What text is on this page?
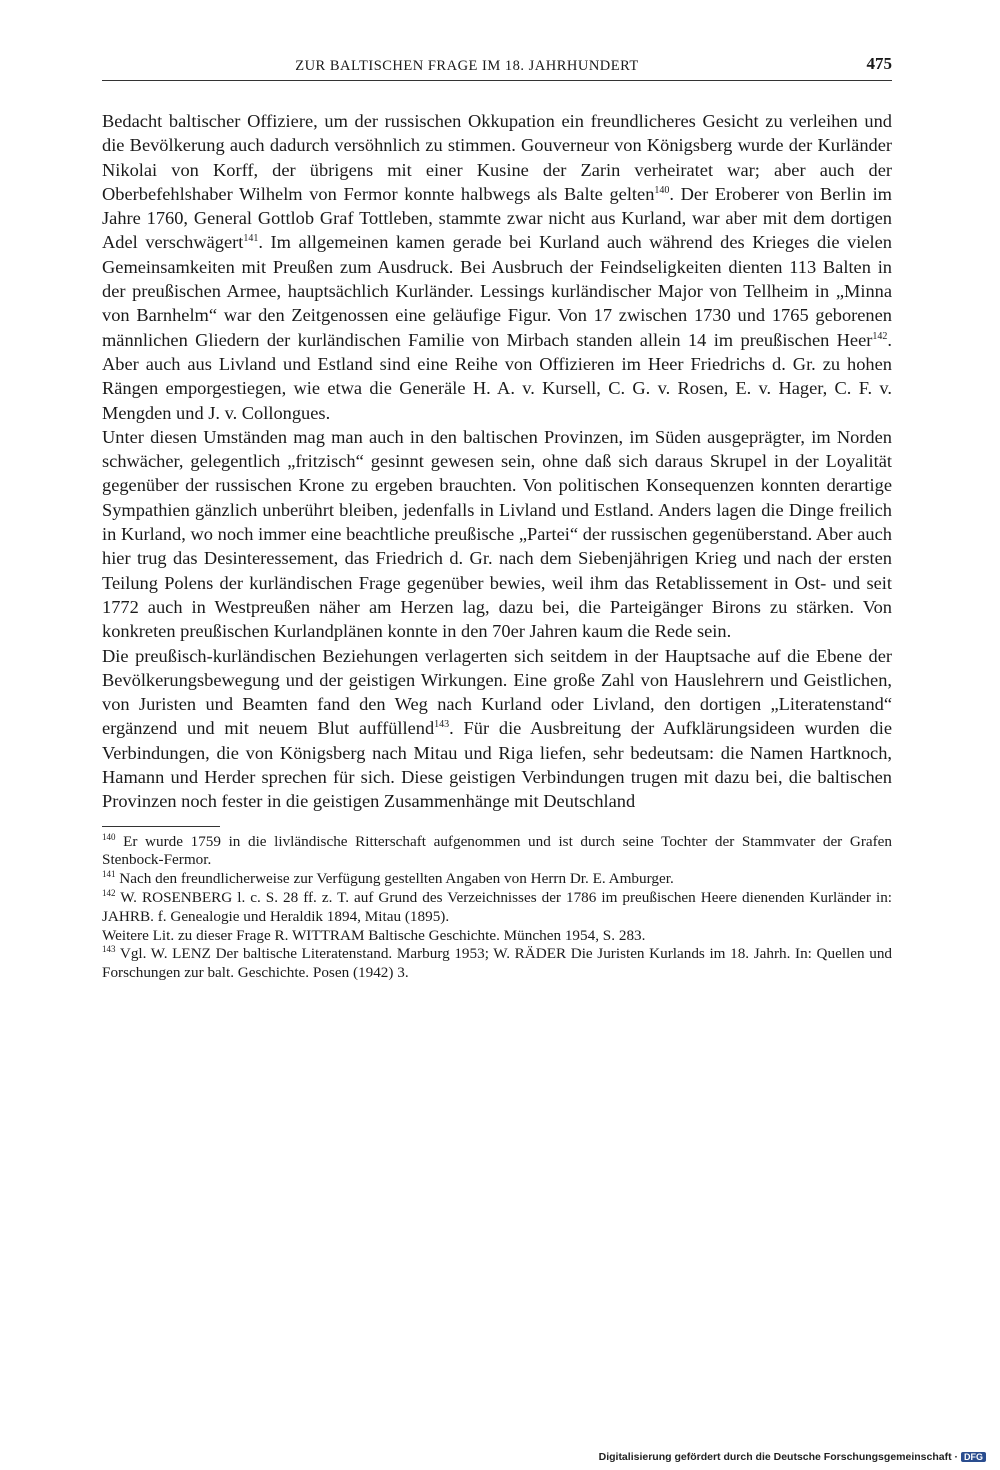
ZUR BALTISCHEN FRAGE IM 18. JAHRHUNDERT	475

Bedacht baltischer Offiziere, um der russischen Okkupation ein freundlicheres Gesicht zu verleihen und die Bevölkerung auch dadurch versöhnlich zu stimmen. Gouverneur von Königsberg wurde der Kurländer Nikolai von Korff, der übrigens mit einer Kusine der Zarin verheiratet war; aber auch der Oberbefehlshaber Wilhelm von Fermor konnte halbwegs als Balte gelten$^{140}$. Der Eroberer von Berlin im Jahre 1760, General Gottlob Graf Tottleben, stammte zwar nicht aus Kurland, war aber mit dem dortigen Adel verschwägert$^{141}$. Im allgemeinen kamen gerade bei Kurland auch während des Krieges die vielen Gemeinsamkeiten mit Preußen zum Ausdruck. Bei Ausbruch der Feindseligkeiten dienten 113 Balten in der preußischen Armee, hauptsächlich Kurländer. Lessings kurländischer Major von Tellheim in „Minna von Barnhelm“ war den Zeitgenossen eine geläufige Figur. Von 17 zwischen 1730 und 1765 geborenen männlichen Gliedern der kurländischen Familie von Mirbach standen allein 14 im preußischen Heer$^{142}$. Aber auch aus Livland und Estland sind eine Reihe von Offizieren im Heer Friedrichs d. Gr. zu hohen Rängen emporgestiegen, wie etwa die Generäle H. A. v. Kursell, C. G. v. Rosen, E. v. Hager, C. F. v. Mengden und J. v. Collongues.

Unter diesen Umständen mag man auch in den baltischen Provinzen, im Süden ausgeprägter, im Norden schwächer, gelegentlich „fritzisch“ gesinnt gewesen sein, ohne daß sich daraus Skrupel in der Loyalität gegenüber der russischen Krone zu ergeben brauchten. Von politischen Konsequenzen konnten derartige Sympathien gänzlich unberührt bleiben, jedenfalls in Livland und Estland. Anders lagen die Dinge freilich in Kurland, wo noch immer eine beachtliche preußische „Partei“ der russischen gegenüberstand. Aber auch hier trug das Desinteressement, das Friedrich d. Gr. nach dem Siebenjährigen Krieg und nach der ersten Teilung Polens der kurländischen Frage gegenüber bewies, weil ihm das Retablissement in Ost- und seit 1772 auch in Westpreußen näher am Herzen lag, dazu bei, die Parteigänger Birons zu stärken. Von konkreten preußischen Kurlandplänen konnte in den 70er Jahren kaum die Rede sein.

Die preußisch-kurländischen Beziehungen verlagerten sich seitdem in der Hauptsache auf die Ebene der Bevölkerungsbewegung und der geistigen Wirkungen. Eine große Zahl von Hauslehrern und Geistlichen, von Juristen und Beamten fand den Weg nach Kurland oder Livland, den dortigen „Literatenstand“ ergänzend und mit neuem Blut auffüllend$^{143}$. Für die Ausbreitung der Aufklärungsideen wurden die Verbindungen, die von Königsberg nach Mitau und Riga liefen, sehr bedeutsam: die Namen Hartknoch, Hamann und Herder sprechen für sich. Diese geistigen Verbindungen trugen mit dazu bei, die baltischen Provinzen noch fester in die geistigen Zusammenhänge mit Deutschland

$^{140}$ Er wurde 1759 in die livländische Ritterschaft aufgenommen und ist durch seine Tochter der Stammvater der Grafen Stenbock-Fermor.

$^{141}$ Nach den freundlicherweise zur Verfügung gestellten Angaben von Herrn Dr. E. Amburger.

$^{142}$ W. ROSENBERG l. c. S. 28 ff. z. T. auf Grund des Verzeichnisses der 1786 im preußischen Heere dienenden Kurländer in: JAHRB. f. Genealogie und Heraldik 1894, Mitau (1895).

Weitere Lit. zu dieser Frage R. WITTRAM Baltische Geschichte. München 1954, S. 283.

$^{143}$ Vgl. W. LENZ Der baltische Literatenstand. Marburg 1953; W. RÄDER Die Juristen Kurlands im 18. Jahrh. In: Quellen und Forschungen zur balt. Geschichte. Posen (1942) 3.

Digitalisierung gefördert durch die Deutsche Forschungsgemeinschaft · DFG
